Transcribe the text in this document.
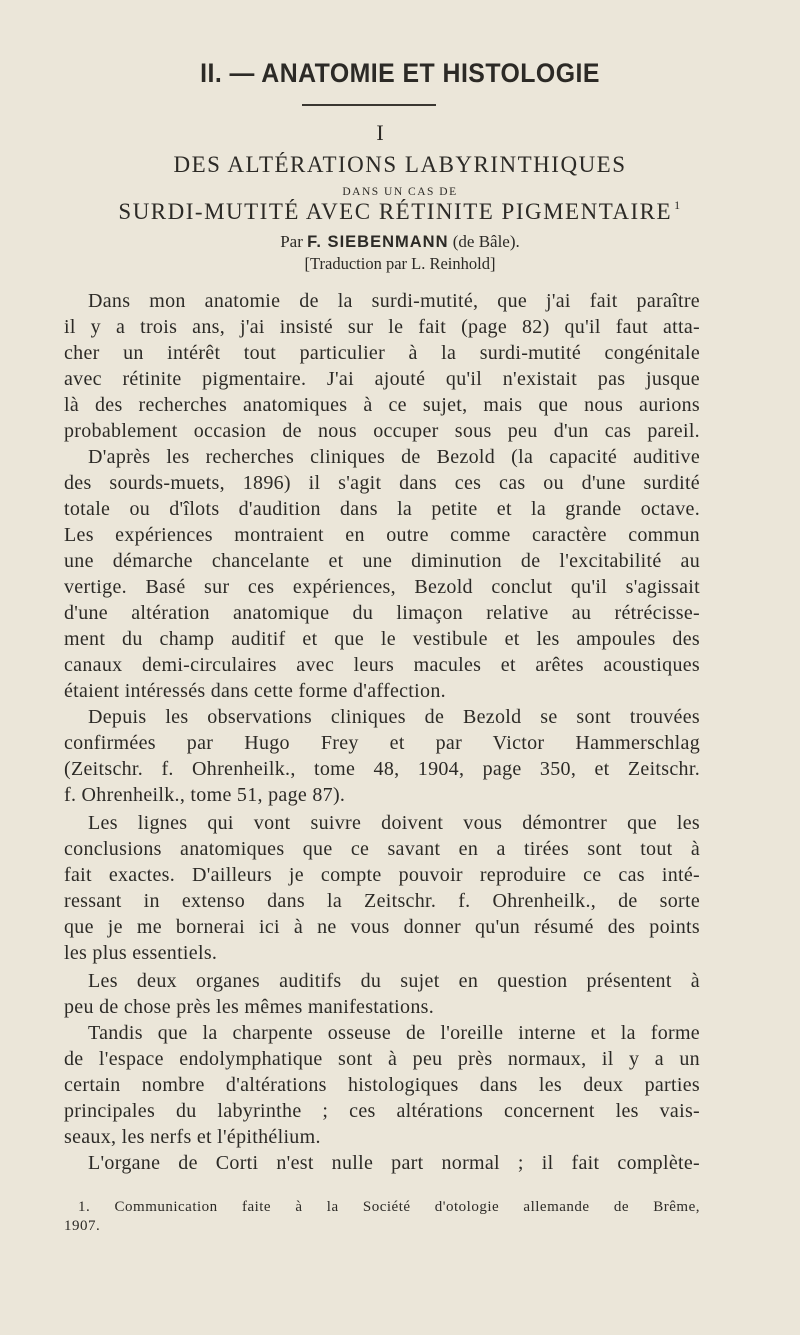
II. — ANATOMIE ET HISTOLOGIE
I
DES ALTÉRATIONS LABYRINTHIQUES
DANS UN CAS DE
SURDI-MUTITÉ AVEC RÉTINITE PIGMENTAIRE $^1$
Par F. SIEBENMANN (de Bâle).
[Traduction par L. Reinhold]
Dans mon anatomie de la surdi-mutité, que j'ai fait paraître
il y a trois ans, j'ai insisté sur le fait (page 82) qu'il faut atta-
cher un intérêt tout particulier à la surdi-mutité congénitale
avec rétinite pigmentaire. J'ai ajouté qu'il n'existait pas jusque
là des recherches anatomiques à ce sujet, mais que nous aurions
probablement occasion de nous occuper sous peu d'un cas pareil.
D'après les recherches cliniques de Bezold (la capacité auditive
des sourds-muets, 1896) il s'agit dans ces cas ou d'une surdité
totale ou d'îlots d'audition dans la petite et la grande octave.
Les expériences montraient en outre comme caractère commun
une démarche chancelante et une diminution de l'excitabilité au
vertige. Basé sur ces expériences, Bezold conclut qu'il s'agissait
d'une altération anatomique du limaçon relative au rétrécisse-
ment du champ auditif et que le vestibule et les ampoules des
canaux demi-circulaires avec leurs macules et arêtes acoustiques
étaient intéressés dans cette forme d'affection.
Depuis les observations cliniques de Bezold se sont trouvées
confirmées par Hugo Frey et par Victor Hammerschlag
(Zeitschr. f. Ohrenheilk., tome 48, 1904, page 350, et Zeitschr.
f. Ohrenheilk., tome 51, page 87).
Les lignes qui vont suivre doivent vous démontrer que les
conclusions anatomiques que ce savant en a tirées sont tout à
fait exactes. D'ailleurs je compte pouvoir reproduire ce cas inté-
ressant in extenso dans la Zeitschr. f. Ohrenheilk., de sorte
que je me bornerai ici à ne vous donner qu'un résumé des points
les plus essentiels.
Les deux organes auditifs du sujet en question présentent à
peu de chose près les mêmes manifestations.
Tandis que la charpente osseuse de l'oreille interne et la forme
de l'espace endolymphatique sont à peu près normaux, il y a un
certain nombre d'altérations histologiques dans les deux parties
principales du labyrinthe ; ces altérations concernent les vais-
seaux, les nerfs et l'épithélium.
L'organe de Corti n'est nulle part normal ; il fait complète-
1. Communication faite à la Société d'otologie allemande de Brême,
1907.
